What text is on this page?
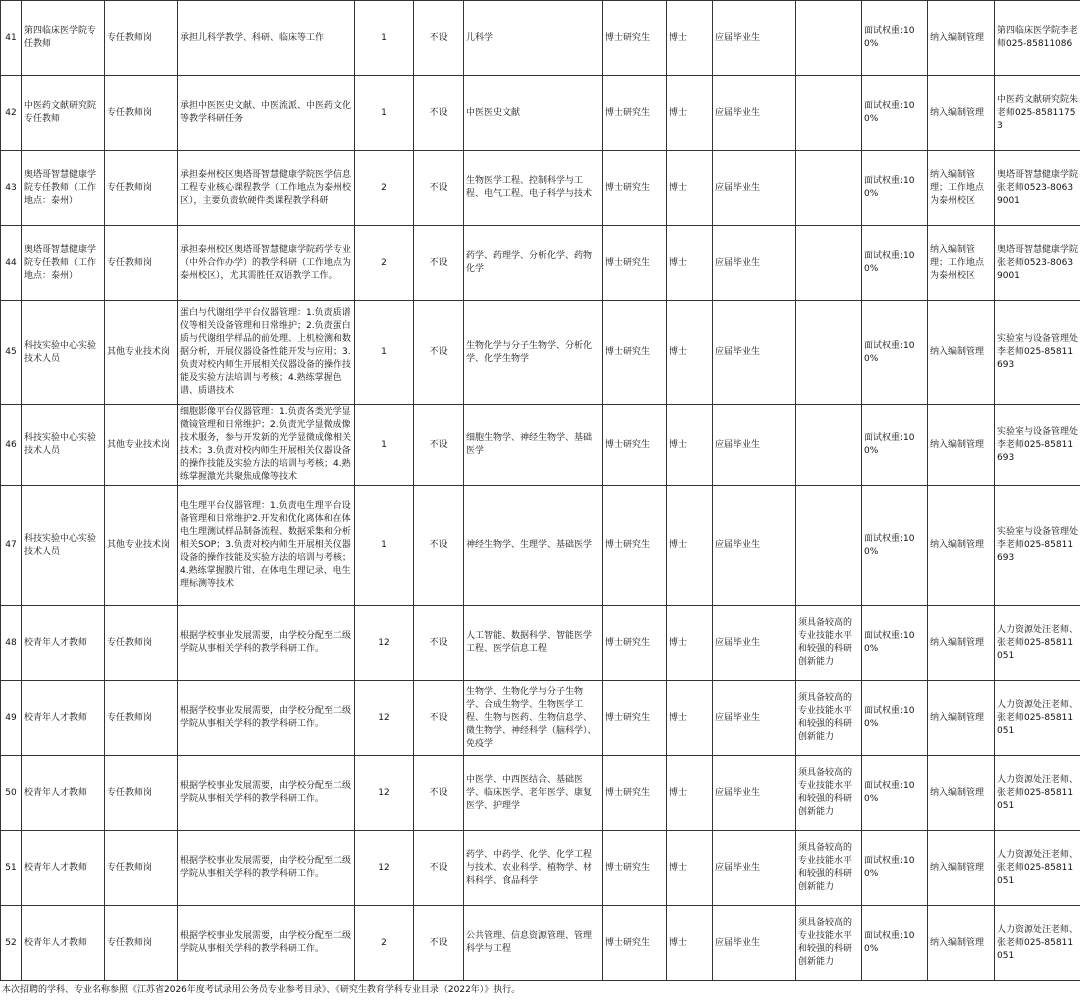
41	第四临床医学院专任教师	专任教师岗	承担儿科学教学、科研、临床等工作	1	不设	儿科学	博士研究生	博士	应届毕业生		面试权重:100%	纳入编制管理	第四临床医学院李老师025-85811086
42	中医药文献研究院专任教师	专任教师岗	承担中医医史文献、中医流派、中医药文化等教学科研任务	1	不设	中医医史文献	博士研究生	博士	应届毕业生		面试权重:100%	纳入编制管理	中医药文献研究院朱老师025-85811753
43	奥塔哥智慧健康学院专任教师（工作地点：泰州）	专任教师岗	承担泰州校区奥塔哥智慧健康学院医学信息工程专业核心课程教学（工作地点为泰州校区），主要负责软硬件类课程教学科研	2	不设	生物医学工程、控制科学与工程、电气工程、电子科学与技术	博士研究生	博士	应届毕业生		面试权重:100%	纳入编制管理；工作地点为泰州校区	奥塔哥智慧健康学院张老师0523-80639001
44	奥塔哥智慧健康学院专任教师（工作地点：泰州）	专任教师岗	承担泰州校区奥塔哥智慧健康学院药学专业（中外合作办学）的教学科研（工作地点为泰州校区），尤其需胜任双语教学工作。	2	不设	药学、药理学、分析化学、药物化学	博士研究生	博士	应届毕业生		面试权重:100%	纳入编制管理；工作地点为泰州校区	奥塔哥智慧健康学院张老师0523-80639001
45	科技实验中心实验技术人员	其他专业技术岗	蛋白与代谢组学平台仪器管理：1.负责质谱仪等相关设备管理和日常维护；2.负责蛋白质与代谢组学样品的前处理、上机检测和数据分析，开展仪器设备性能开发与应用；3.负责对校内师生开展相关仪器设备的操作技能及实验方法培训与考核；4.熟练掌握色谱、质谱技术	1	不设	生物化学与分子生物学、分析化学、化学生物学	博士研究生	博士	应届毕业生		面试权重:100%	纳入编制管理	实验室与设备管理处李老师025-85811693
46	科技实验中心实验技术人员	其他专业技术岗	细胞影像平台仪器管理：1.负责各类光学显微镜管理和日常维护；2.负责光学显微成像技术服务，参与开发新的光学显微成像相关技术；3.负责对校内师生开展相关仪器设备的操作技能及实验方法的培训与考核；4.熟练掌握激光共聚焦成像等技术	1	不设	细胞生物学、神经生物学、基础医学	博士研究生	博士	应届毕业生		面试权重:100%	纳入编制管理	实验室与设备管理处李老师025-85811693
47	科技实验中心实验技术人员	其他专业技术岗	电生理平台仪器管理：1.负责电生理平台设备管理和日常维护2.开发和优化离体和在体电生理测试样品制备流程、数据采集和分析相关SOP；3.负责对校内师生开展相关仪器设备的操作技能及实验方法的培训与考核；4.熟练掌握膜片钳、在体电生理记录、电生理标测等技术	1	不设	神经生物学、生理学、基础医学	博士研究生	博士	应届毕业生		面试权重:100%	纳入编制管理	实验室与设备管理处李老师025-85811693
48	校青年人才教师	专任教师岗	根据学校事业发展需要，由学校分配至二级学院从事相关学科的教学科研工作。	12	不设	人工智能、数据科学、智能医学工程、医学信息工程	博士研究生	博士	应届毕业生	须具备较高的专业技能水平和较强的科研创新能力	面试权重:100%	纳入编制管理	人力资源处汪老师、张老师025-85811051
49	校青年人才教师	专任教师岗	根据学校事业发展需要，由学校分配至二级学院从事相关学科的教学科研工作。	12	不设	生物学、生物化学与分子生物学、合成生物学、生物医学工程、生物与医药、生物信息学、微生物学、神经科学（脑科学）、免疫学	博士研究生	博士	应届毕业生	须具备较高的专业技能水平和较强的科研创新能力	面试权重:100%	纳入编制管理	人力资源处汪老师、张老师025-85811051
50	校青年人才教师	专任教师岗	根据学校事业发展需要，由学校分配至二级学院从事相关学科的教学科研工作。	12	不设	中医学、中西医结合、基础医学、临床医学、老年医学、康复医学、护理学	博士研究生	博士	应届毕业生	须具备较高的专业技能水平和较强的科研创新能力	面试权重:100%	纳入编制管理	人力资源处汪老师、张老师025-85811051
51	校青年人才教师	专任教师岗	根据学校事业发展需要，由学校分配至二级学院从事相关学科的教学科研工作。	12	不设	药学、中药学、化学、化学工程与技术、农业科学、植物学、材料科学、食品科学	博士研究生	博士	应届毕业生	须具备较高的专业技能水平和较强的科研创新能力	面试权重:100%	纳入编制管理	人力资源处汪老师、张老师025-85811051
52	校青年人才教师	专任教师岗	根据学校事业发展需要，由学校分配至二级学院从事相关学科的教学科研工作。	2	不设	公共管理、信息资源管理、管理科学与工程	博士研究生	博士	应届毕业生	须具备较高的专业技能水平和较强的科研创新能力	面试权重:100%	纳入编制管理	人力资源处汪老师、张老师025-85811051
本次招聘的学科、专业名称参照《江苏省2026年度考试录用公务员专业参考目录》、《研究生教育学科专业目录（2022年）》执行。
